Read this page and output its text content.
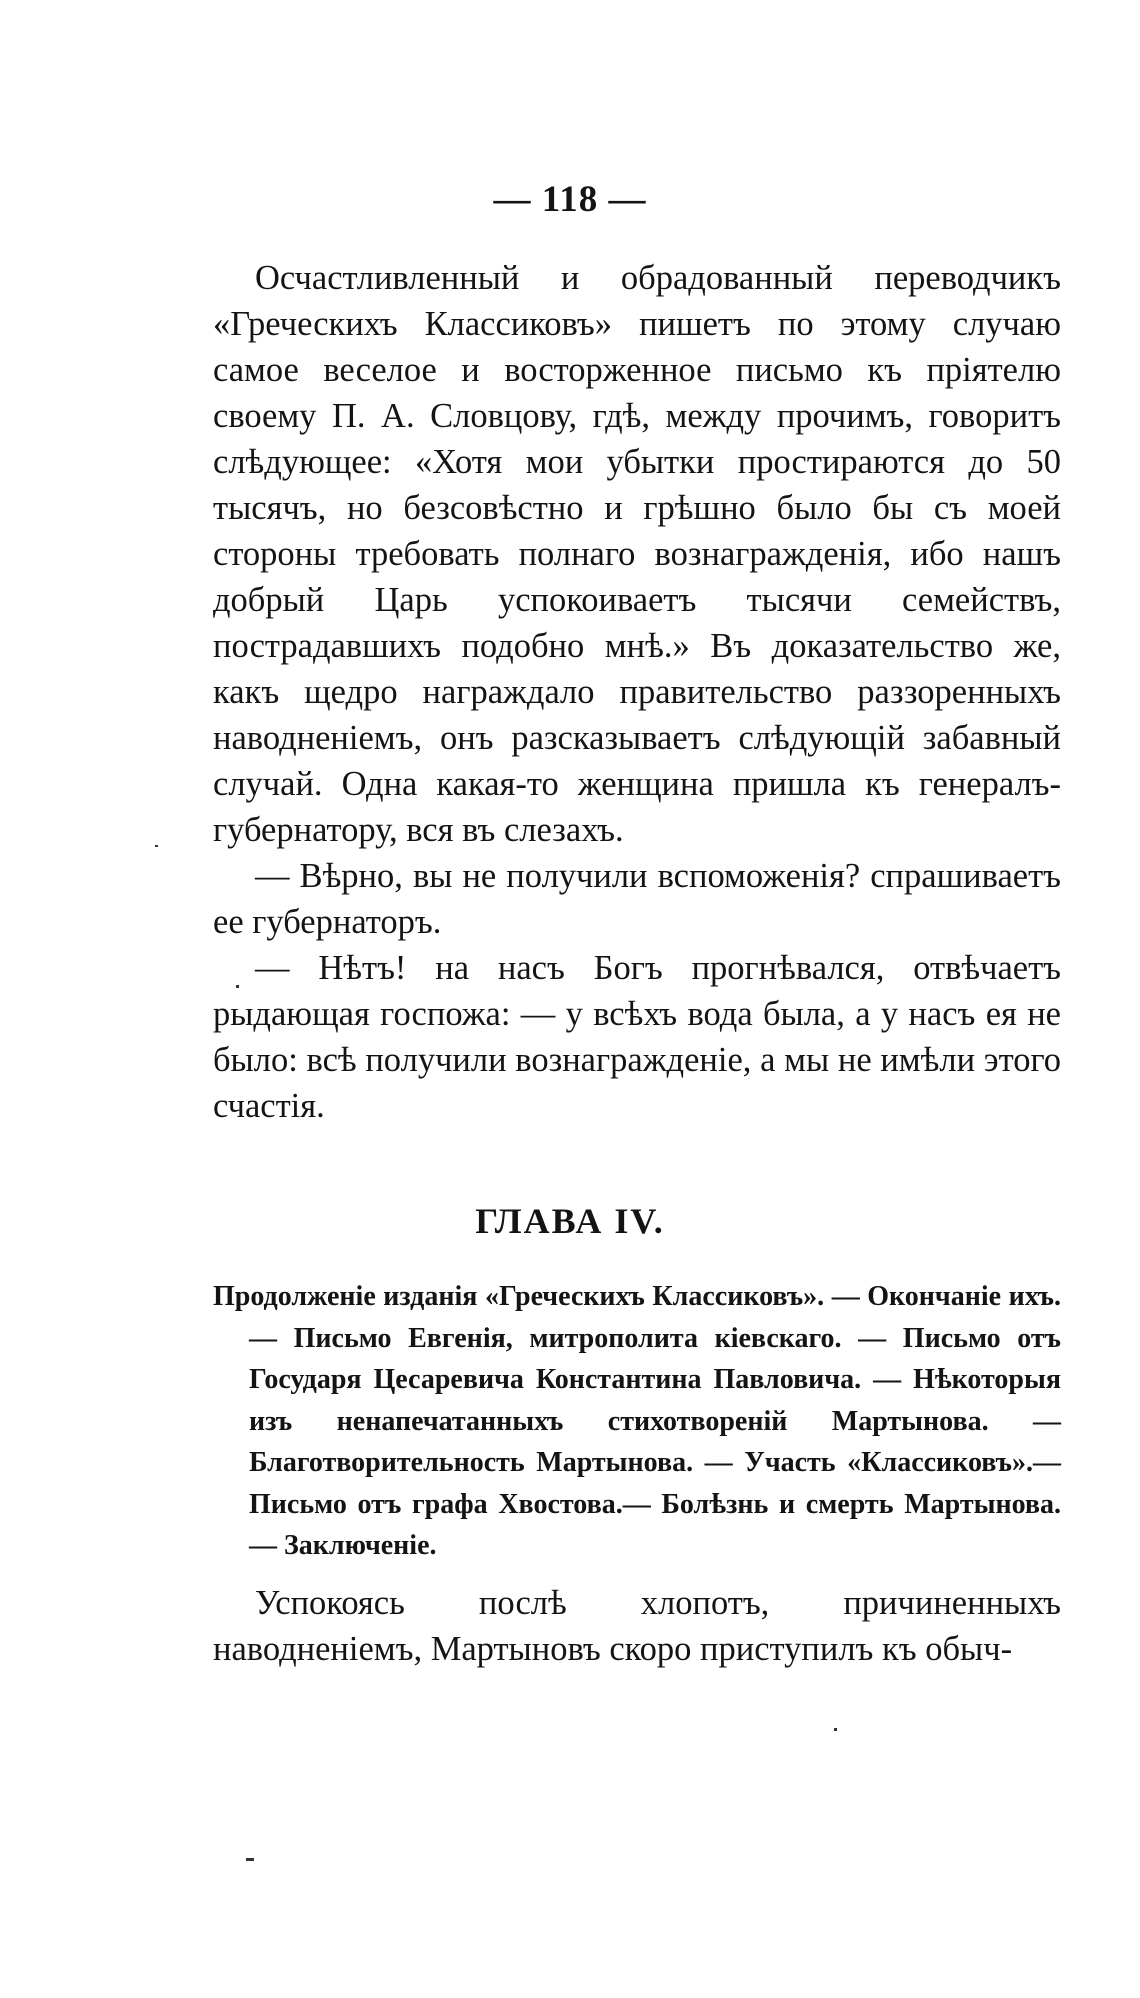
— 118 —

Осчастливленный и обрадованный переводчикъ «Греческихъ Классиковъ» пишетъ по этому случаю самое веселое и восторженное письмо къ пріятелю своему П. А. Словцову, гдѣ, между прочимъ, говоритъ слѣдующее: «Хотя мои убытки простираются до 50 тысячъ, но безсовѣстно и грѣшно было бы съ моей стороны требовать полнаго вознагражденія, ибо нашъ добрый Царь успокоиваетъ тысячи семействъ, пострадавшихъ подобно мнѣ.» Въ доказательство же, какъ щедро награждало правительство раззоренныхъ наводненіемъ, онъ разсказываетъ слѣдующій забавный случай. Одна какая-то женщина пришла къ генералъ-губернатору, вся въ слезахъ.

— Вѣрно, вы не получили вспоможенія? спрашиваетъ ее губернаторъ.

— Нѣтъ! на насъ Богъ прогнѣвался, отвѣчаетъ рыдающая госпожа: — у всѣхъ вода была, а у насъ ея не было: всѣ получили вознагражденіе, а мы не имѣли этого счастія.

ГЛАВА IV.
Продолженіе изданія «Греческихъ Классиковъ». — Окончаніе ихъ. — Письмо Евгенія, митрополита кіевскаго. — Письмо отъ Государя Цесаревича Константина Павловича. — Нѣкоторыя изъ ненапечатанныхъ стихотвореній Мартынова. — Благотворительность Мартынова. — Участь «Классиковъ».— Письмо отъ графа Хвостова.— Болѣзнь и смерть Мартынова. — Заключеніе.

Успокоясь послѣ хлопотъ, причиненныхъ наводненіемъ, Мартыновъ скоро приступилъ къ обыч-
